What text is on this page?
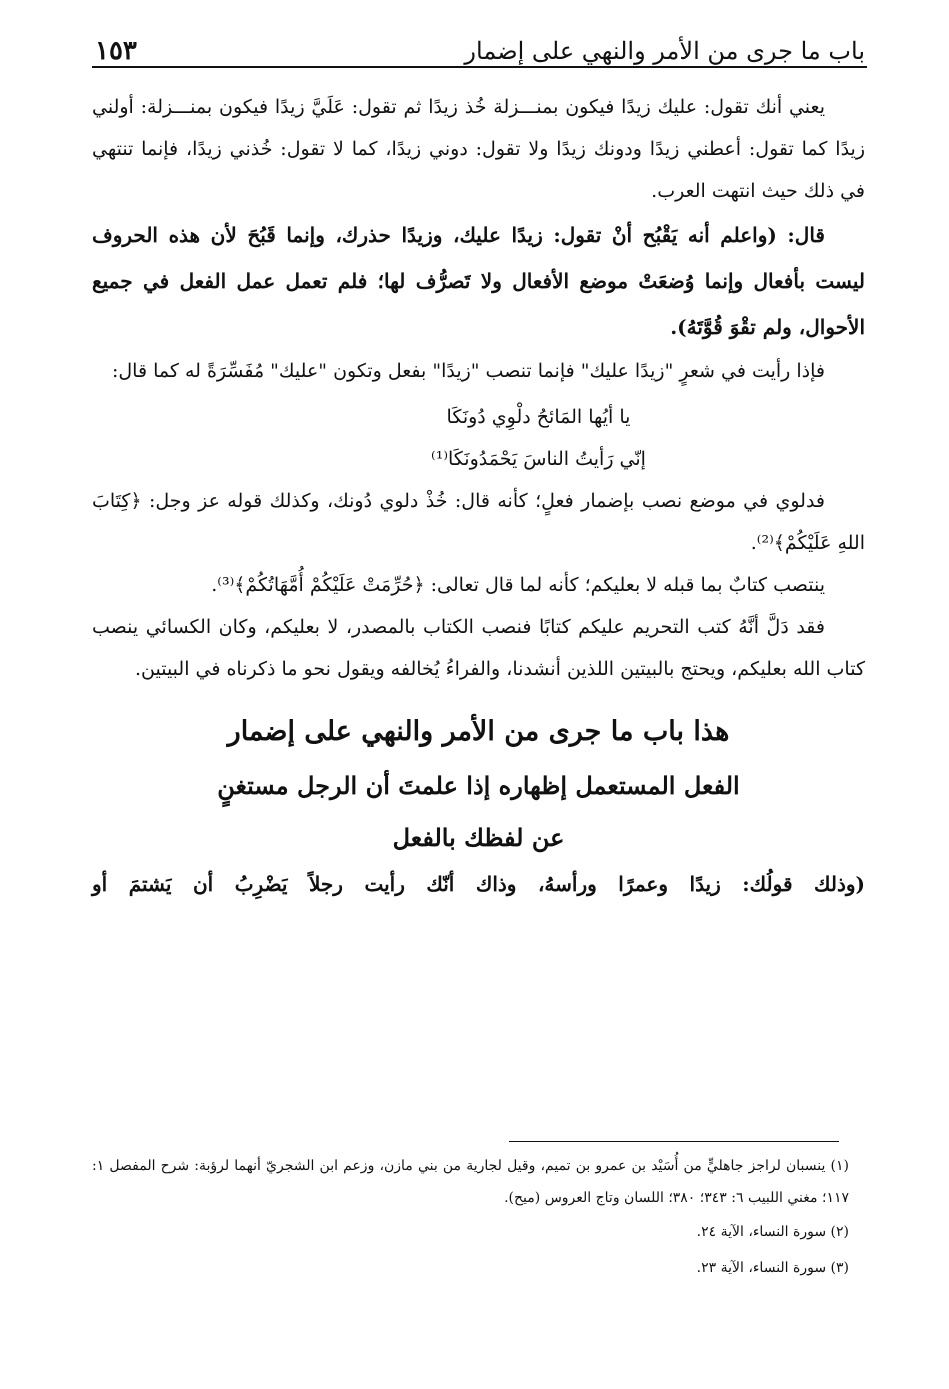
باب ما جرى من الأمر والنهي على إضمار
١٥٣

يعني أنك تقول: عليك زيدًا فيكون بمنـــزلة خُذ زيدًا ثم تقول: عَلَيَّ زيدًا فيكون بمنـــزلة: أولني زيدًا كما تقول: أعطني زيدًا ودونك زيدًا ولا تقول: دوني زيدًا، كما لا تقول: خُذني زيدًا، فإنما تنتهي في ذلك حيث انتهت العرب.

قال: (واعلم أنه يَقْبُح أنْ تقول: زيدًا عليك، وزيدًا حذرك، وإنما قَبُحَ لأن هذه الحروف ليست بأفعال وإنما وُضعَتْ موضع الأفعال ولا تَصرُّف لها؛ فلم تعمل عمل الفعل في جميع الأحوال، ولم تقْوَ قُوَّتَهُ).

فإذا رأيت في شعرٍ "زيدًا عليك" فإنما تنصب "زيدًا" بفعل وتكون "عليك" مُفَسِّرَةً له كما قال:

يا أيُها المَائحُ دلْوِي دُونَكَا

إنّي رَأيتُ الناسَ يَحْمَدُونَكَا⁽¹⁾

فدلوي في موضع نصب بإضمار فعلٍ؛ كأنه قال: خُذْ دلوي دُونك، وكذلك قوله عز وجل: ﴿كِتَابَ اللهِ عَلَيْكُمْ﴾⁽²⁾.

ينتصب كتابٌ بما قبله لا بعليكم؛ كأنه لما قال تعالى: ﴿حُرِّمَتْ عَلَيْكُمْ أُمَّهَاتُكُمْ﴾⁽³⁾.

فقد دَلَّ أنَّهُ كتب التحريم عليكم كتابًا فنصب الكتاب بالمصدر، لا بعليكم، وكان الكسائي ينصب كتاب الله بعليكم، ويحتج بالبيتين اللذين أنشدنا، والفراءُ يُخالفه ويقول نحو ما ذكرناه في البيتين.

هذا باب ما جرى من الأمر والنهي على إضمار

الفعل المستعمل إظهاره إذا علمتَ أن الرجل مستغنٍ

عن لفظك بالفعل

(وذلك قولُك: زيدًا وعمرًا ورأسهُ، وذاك أنّك رأيت رجلاً يَضْرِبُ أن يَشتمَ أو

(١) ينسبان لراجز جاهليٍّ من أُسَيْد بن عمرو بن تميم، وقيل لجارية من بني مازن، وزعم ابن الشجريّ أنهما لرؤبة: شرح المفصل ١: ١١٧؛ مغني اللبيب ٦: ٣٤٣؛ ٣٨٠؛ اللسان وتاج العروس (ميح).

(٢) سورة النساء، الآية ٢٤.

(٣) سورة النساء، الآية ٢٣.
